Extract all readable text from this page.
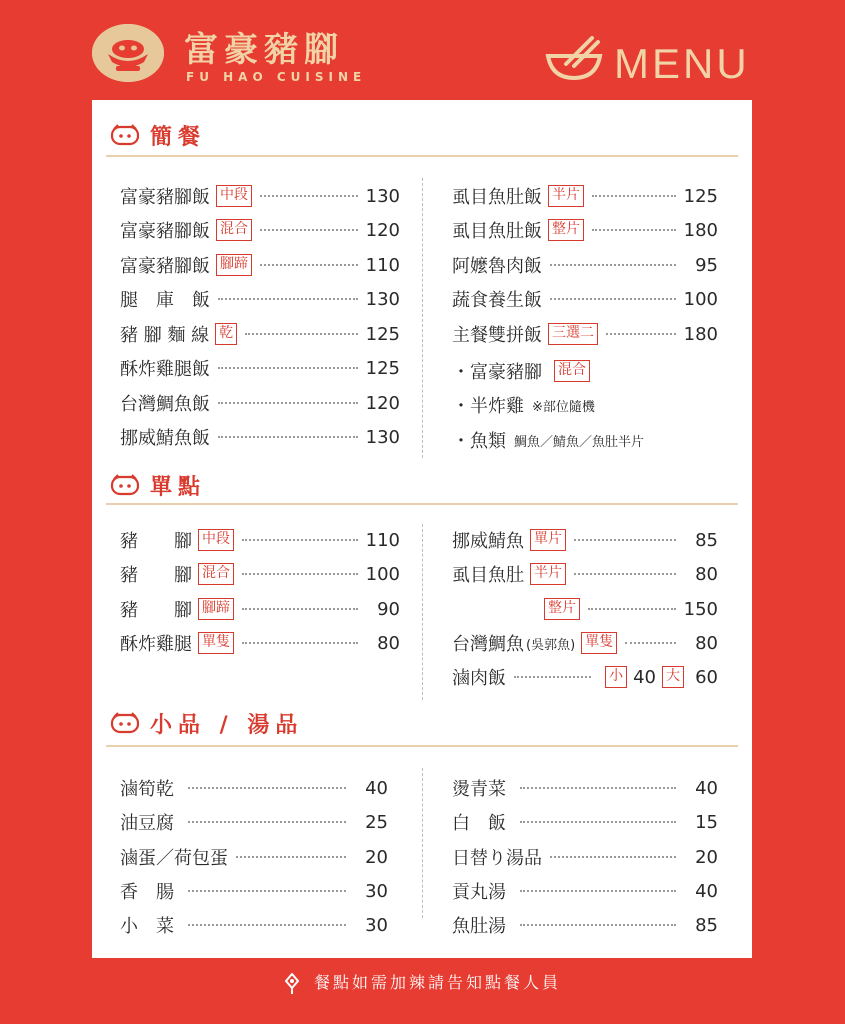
富豪豬腳
FU HAO CUISINE	MENU
簡餐
富豪豬腳飯 中段	130
富豪豬腳飯 混合	120
富豪豬腳飯 腳蹄	110
腿　庫　飯	130
豬 腳 麵 線 乾	125
酥炸雞腿飯	125
台灣鯛魚飯	120
挪威鯖魚飯	130
虱目魚肚飯 半片	125
虱目魚肚飯 整片	180
阿嬤魯肉飯	95
蔬食養生飯	100
主餐雙拼飯 三選二	180
・富豪豬腳 混合
・半炸雞 ※部位隨機
・魚類 鯛魚／鯖魚／魚肚半片
單點
豬　　腳 中段	110
豬　　腳 混合	100
豬　　腳 腳蹄	90
酥炸雞腿 單隻	80
挪威鯖魚 單片	85
虱目魚肚 半片	80
整片	150
台灣鯛魚 (吳郭魚) 單隻	80
滷肉飯	小 40 大 60
小品 / 湯品
滷筍乾	40
油豆腐	25
滷蛋／荷包蛋	20
香　腸	30
小　菜	30
燙青菜	40
白　飯	15
日替り湯品	20
貢丸湯	40
魚肚湯	85
餐點如需加辣請告知點餐人員
